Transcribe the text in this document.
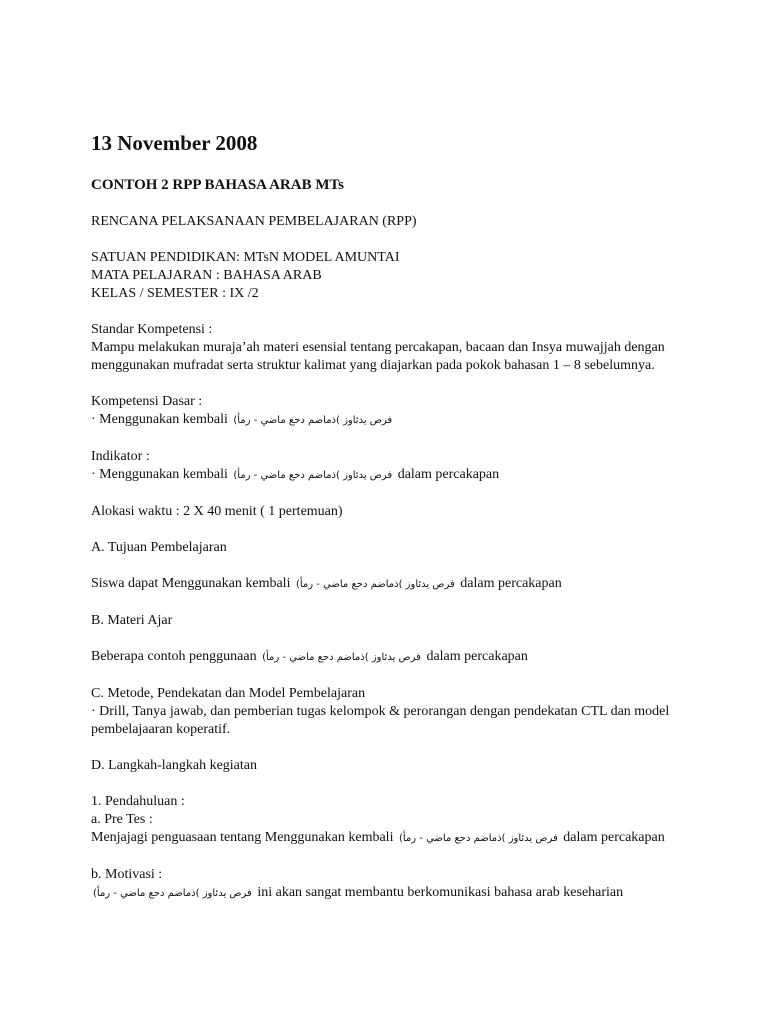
13 November 2008
CONTOH 2 RPP BAHASA ARAB MTs

RENCANA PELAKSANAAN PEMBELAJARAN (RPP)

SATUAN PENDIDIKAN: MTsN MODEL AMUNTAI

MATA PELAJARAN : BAHASA ARAB

KELAS / SEMESTER : IX /2

Standar Kompetensi :

Mampu melakukan muraja’ah materi esensial tentang percakapan, bacaan dan Insya muwajjah dengan menggunakan mufradat serta struktur kalimat yang diajarkan pada pokok bahasan 1 – 8 sebelumnya.

Kompetensi Dasar :

· Menggunakan kembali فرص يدئاوز )ذماضم دحع ماضي - رمأ)

Indikator :

· Menggunakan kembali فرص يدئاوز )ذماضم دحع ماضي - رمأ) dalam percakapan

Alokasi waktu : 2 X 40 menit ( 1 pertemuan)

A. Tujuan Pembelajaran

Siswa dapat Menggunakan kembali فرص يدئاوز )ذماضم دحع ماضي - رمأ) dalam percakapan

B. Materi Ajar

Beberapa contoh penggunaan فرص يدئاوز )ذماضم دحع ماضي - رمأ) dalam percakapan

C. Metode, Pendekatan dan Model Pembelajaran

· Drill, Tanya jawab, dan pemberian tugas kelompok & perorangan dengan pendekatan CTL dan model pembelajaaran koperatif.

D. Langkah-langkah kegiatan

1. Pendahuluan :

a. Pre Tes :

Menjajagi penguasaan tentang Menggunakan kembali فرص يدئاوز )ذماضم دحع ماضي - رمأ) dalam percakapan

b. Motivasi :

فرص يدئاوز )ذماضم دحع ماضي - رمأ) ini akan sangat membantu berkomunikasi bahasa arab keseharian
